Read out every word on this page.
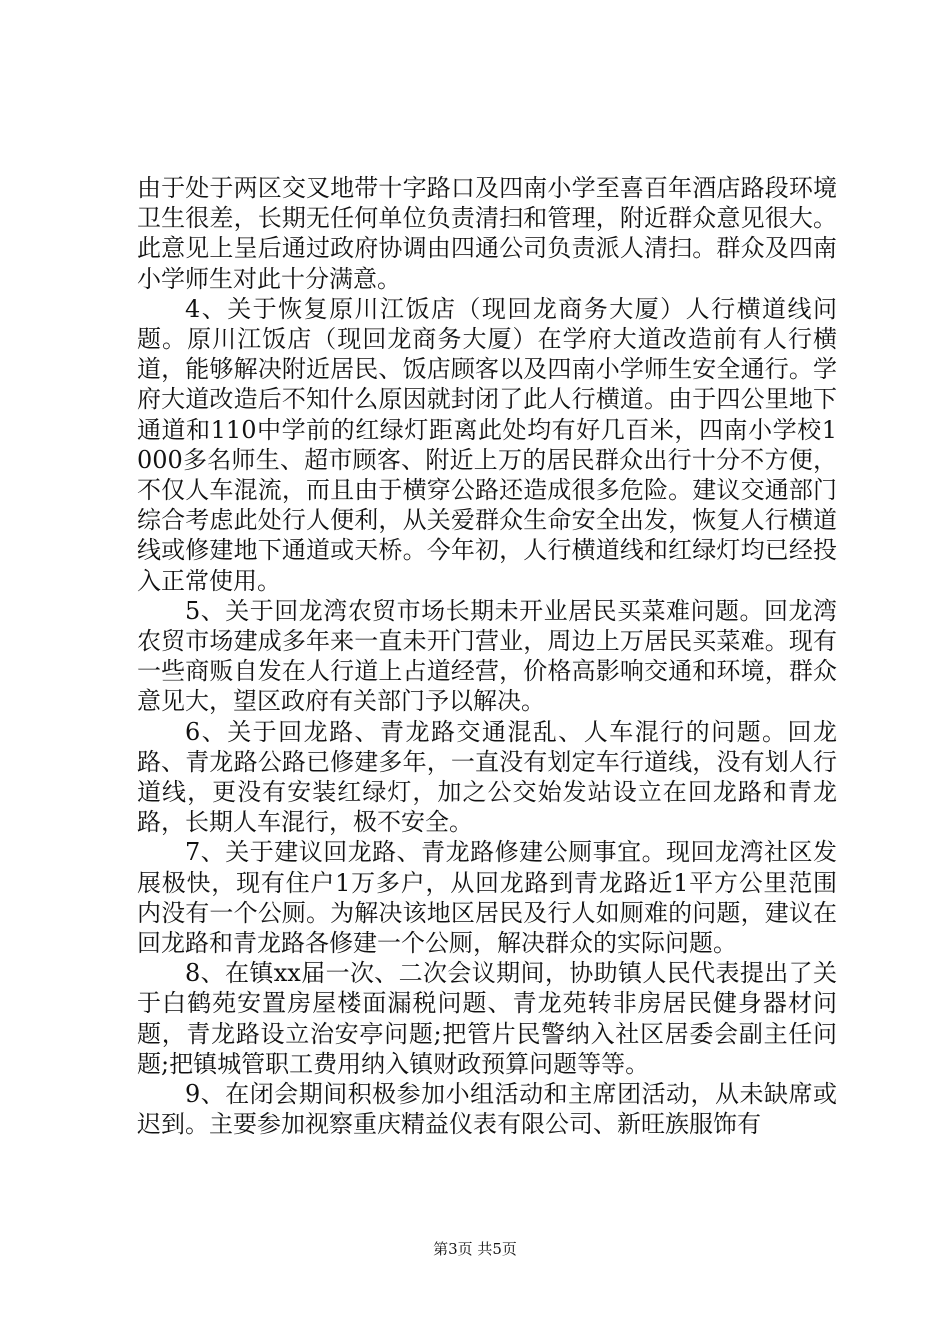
由于处于两区交叉地带十字路口及四南小学至喜百年酒店路段环境卫生很差，长期无任何单位负责清扫和管理，附近群众意见很大。此意见上呈后通过政府协调由四通公司负责派人清扫。群众及四南小学师生对此十分满意。

4、关于恢复原川江饭店（现回龙商务大厦）人行横道线问题。原川江饭店（现回龙商务大厦）在学府大道改造前有人行横道，能够解决附近居民、饭店顾客以及四南小学师生安全通行。学府大道改造后不知什么原因就封闭了此人行横道。由于四公里地下通道和110中学前的红绿灯距离此处均有好几百米，四南小学校1000多名师生、超市顾客、附近上万的居民群众出行十分不方便，不仅人车混流，而且由于横穿公路还造成很多危险。建议交通部门综合考虑此处行人便利，从关爱群众生命安全出发，恢复人行横道线或修建地下通道或天桥。今年初，人行横道线和红绿灯均已经投入正常使用。

5、关于回龙湾农贸市场长期未开业居民买菜难问题。回龙湾农贸市场建成多年来一直未开门营业，周边上万居民买菜难。现有一些商贩自发在人行道上占道经营，价格高影响交通和环境，群众意见大，望区政府有关部门予以解决。

6、关于回龙路、青龙路交通混乱、人车混行的问题。回龙路、青龙路公路已修建多年，一直没有划定车行道线，没有划人行道线，更没有安装红绿灯，加之公交始发站设立在回龙路和青龙路，长期人车混行，极不安全。

7、关于建议回龙路、青龙路修建公厕事宜。现回龙湾社区发展极快，现有住户1万多户，从回龙路到青龙路近1平方公里范围内没有一个公厕。为解决该地区居民及行人如厕难的问题，建议在回龙路和青龙路各修建一个公厕，解决群众的实际问题。

8、在镇xx届一次、二次会议期间，协助镇人民代表提出了关于白鹤苑安置房屋楼面漏税问题、青龙苑转非房居民健身器材问题，青龙路设立治安亭问题;把管片民警纳入社区居委会副主任问题;把镇城管职工费用纳入镇财政预算问题等等。

9、在闭会期间积极参加小组活动和主席团活动，从未缺席或迟到。主要参加视察重庆精益仪表有限公司、新旺族服饰有

第3页 共5页
